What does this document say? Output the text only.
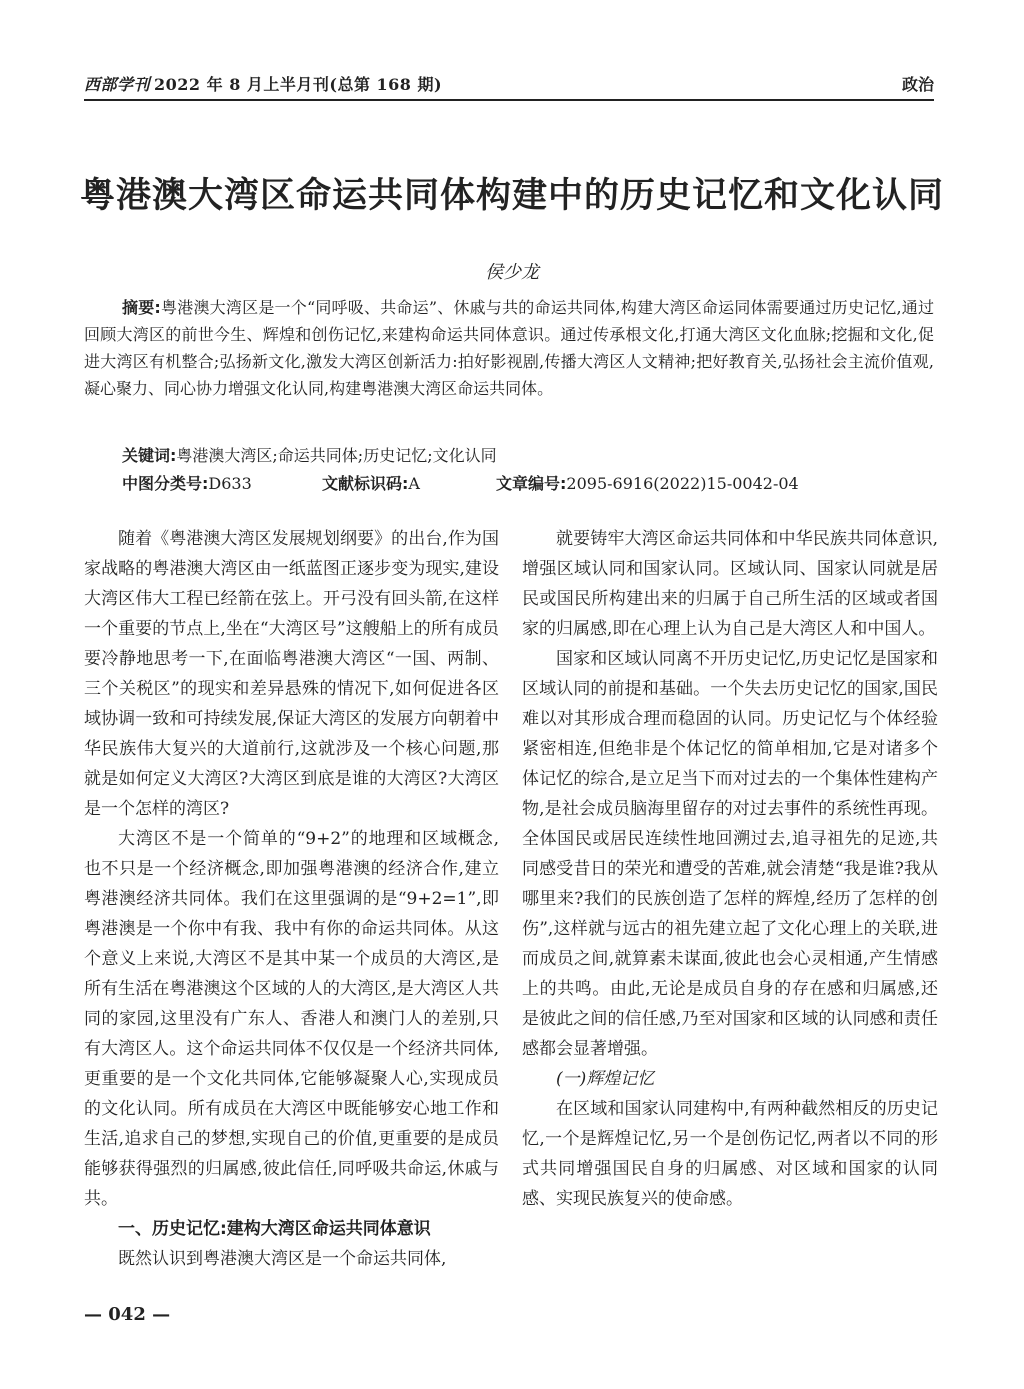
西部学刊 2022 年 8 月上半月刊(总第 168 期)	政治
粤港澳大湾区命运共同体构建中的历史记忆和文化认同
侯少龙
摘要:粤港澳大湾区是一个“同呼吸、共命运”、休戚与共的命运共同体,构建大湾区命运同体需要通过历史记忆,通过回顾大湾区的前世今生、辉煌和创伤记忆,来建构命运共同体意识。通过传承根文化,打通大湾区文化血脉;挖掘和文化,促进大湾区有机整合;弘扬新文化,激发大湾区创新活力:拍好影视剧,传播大湾区人文精神;把好教育关,弘扬社会主流价值观,凝心聚力、同心协力增强文化认同,构建粤港澳大湾区命运共同体。
关键词:粤港澳大湾区;命运共同体;历史记忆;文化认同
中图分类号:D633	文献标识码:A	文章编号:2095-6916(2022)15-0042-04

随着《粤港澳大湾区发展规划纲要》的出台,作为国家战略的粤港澳大湾区由一纸蓝图正逐步变为现实,建设大湾区伟大工程已经箭在弦上。开弓没有回头箭,在这样一个重要的节点上,坐在“大湾区号”这艘船上的所有成员要冷静地思考一下,在面临粤港澳大湾区“一国、两制、三个关税区”的现实和差异悬殊的情况下,如何促进各区域协调一致和可持续发展,保证大湾区的发展方向朝着中华民族伟大复兴的大道前行,这就涉及一个核心问题,那就是如何定义大湾区?大湾区到底是谁的大湾区?大湾区是一个怎样的湾区?

大湾区不是一个简单的“9+2”的地理和区域概念,也不只是一个经济概念,即加强粤港澳的经济合作,建立粤港澳经济共同体。我们在这里强调的是“9+2=1”,即粤港澳是一个你中有我、我中有你的命运共同体。从这个意义上来说,大湾区不是其中某一个成员的大湾区,是所有生活在粤港澳这个区域的人的大湾区,是大湾区人共同的家园,这里没有广东人、香港人和澳门人的差别,只有大湾区人。这个命运共同体不仅仅是一个经济共同体,更重要的是一个文化共同体,它能够凝聚人心,实现成员的文化认同。所有成员在大湾区中既能够安心地工作和生活,追求自己的梦想,实现自己的价值,更重要的是成员能够获得强烈的归属感,彼此信任,同呼吸共命运,休戚与共。

一、历史记忆:建构大湾区命运共同体意识

既然认识到粤港澳大湾区是一个命运共同体,

就要铸牢大湾区命运共同体和中华民族共同体意识,增强区域认同和国家认同。区域认同、国家认同就是居民或国民所构建出来的归属于自己所生活的区域或者国家的归属感,即在心理上认为自己是大湾区人和中国人。

国家和区域认同离不开历史记忆,历史记忆是国家和区域认同的前提和基础。一个失去历史记忆的国家,国民难以对其形成合理而稳固的认同。历史记忆与个体经验紧密相连,但绝非是个体记忆的简单相加,它是对诸多个体记忆的综合,是立足当下而对过去的一个集体性建构产物,是社会成员脑海里留存的对过去事件的系统性再现。全体国民或居民连续性地回溯过去,追寻祖先的足迹,共同感受昔日的荣光和遭受的苦难,就会清楚“我是谁?我从哪里来?我们的民族创造了怎样的辉煌,经历了怎样的创伤”,这样就与远古的祖先建立起了文化心理上的关联,进而成员之间,就算素未谋面,彼此也会心灵相通,产生情感上的共鸣。由此,无论是成员自身的存在感和归属感,还是彼此之间的信任感,乃至对国家和区域的认同感和责任感都会显著增强。

(一)辉煌记忆

在区域和国家认同建构中,有两种截然相反的历史记忆,一个是辉煌记忆,另一个是创伤记忆,两者以不同的形式共同增强国民自身的归属感、对区域和国家的认同感、实现民族复兴的使命感。

— 042 —
